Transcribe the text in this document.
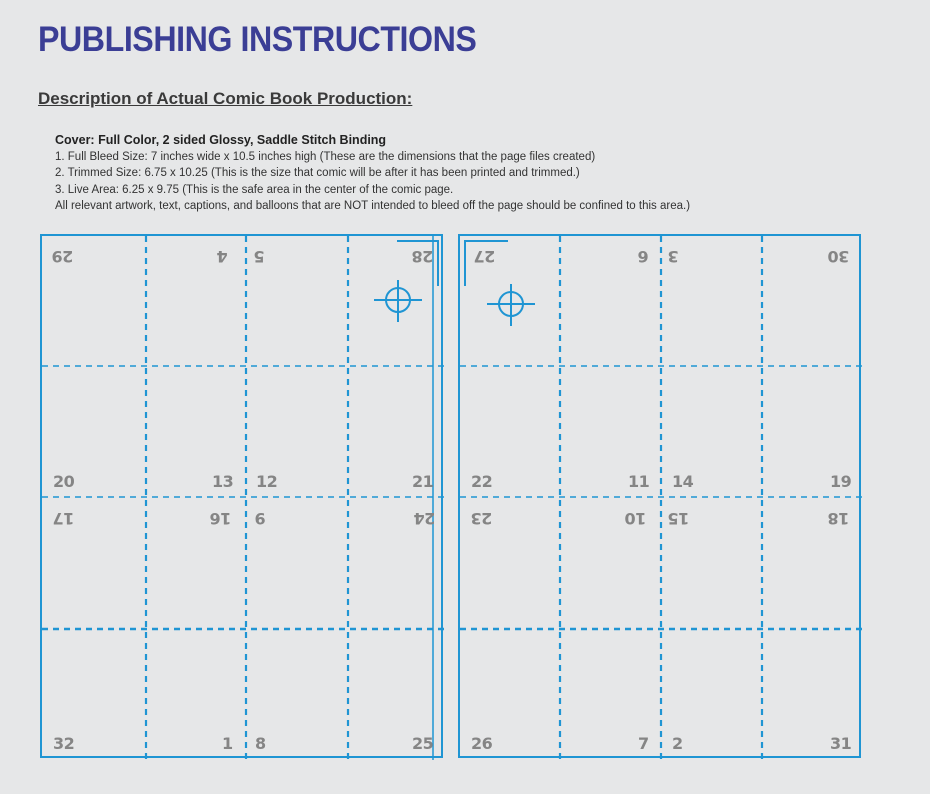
PUBLISHING INSTRUCTIONS
Description of Actual Comic Book Production:
Cover: Full Color, 2 sided Glossy, Saddle Stitch Binding
1. Full Bleed Size: 7 inches wide x 10.5 inches high (These are the dimensions that the page files created)
2. Trimmed Size: 6.75 x 10.25 (This is the size that comic will be after it has been printed and trimmed.)
3. Live Area: 6.25 x 9.75 (This is the safe area in the center of the comic page.
All relevant artwork, text, captions, and balloons that are NOT intended to bleed off the page should be confined to this area.)
29	4 5	28
20	13 12	21
17	16 9	24
32	1 8	25
27	6 3	30
22	11 14	19
23	10 15	18
26	7 2	31
